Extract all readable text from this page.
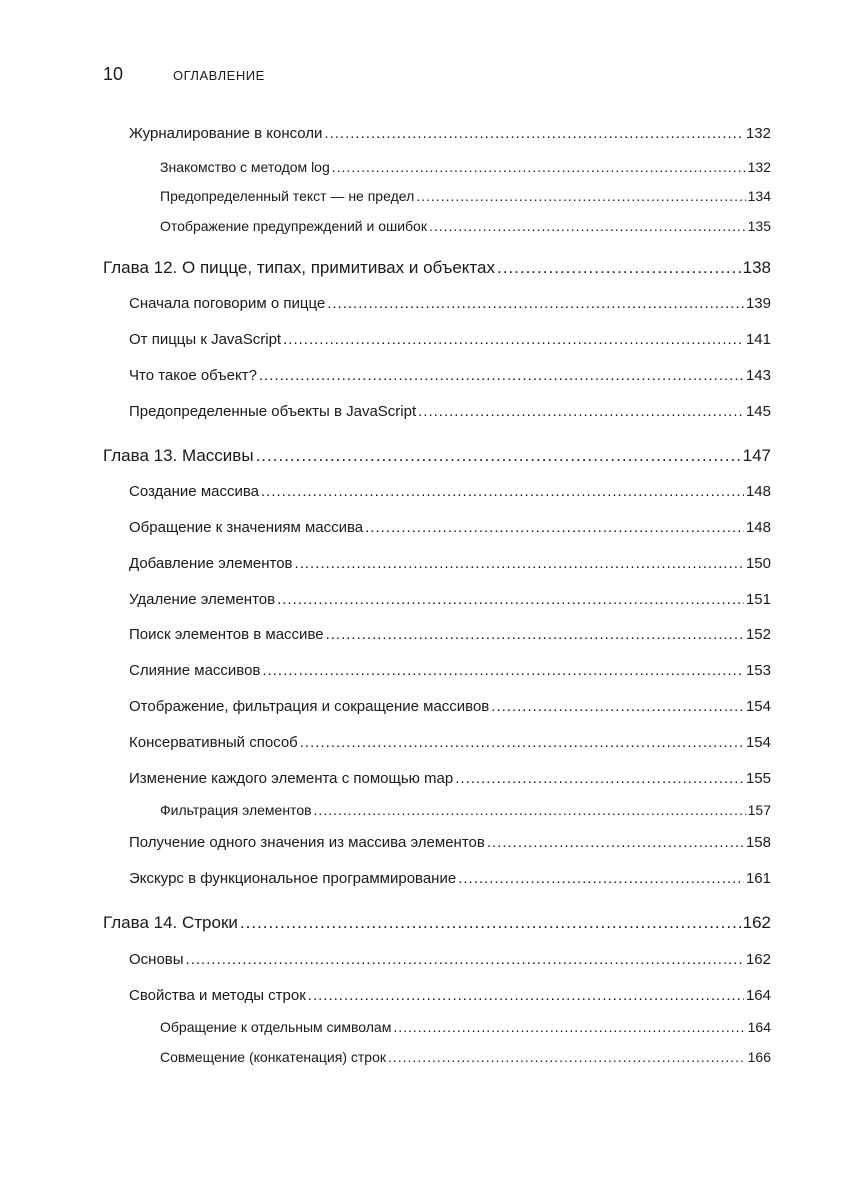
10	ОГЛАВЛЕНИЕ
Журналирование в консоли .....	132
Знакомство с методом log .....	132
Предопределенный текст — не предел .....	134
Отображение предупреждений и ошибок .....	135
Глава 12. О пицце, типах, примитивах и объектах .....	138
Сначала поговорим о пицце .....	139
От пиццы к JavaScript .....	141
Что такое объект? .....	143
Предопределенные объекты в JavaScript .....	145
Глава 13. Массивы .....	147
Создание массива .....	148
Обращение к значениям массива .....	148
Добавление элементов .....	150
Удаление элементов .....	151
Поиск элементов в массиве .....	152
Слияние массивов .....	153
Отображение, фильтрация и сокращение массивов .....	154
Консервативный способ .....	154
Изменение каждого элемента с помощью map .....	155
Фильтрация элементов .....	157
Получение одного значения из массива элементов .....	158
Экскурс в функциональное программирование .....	161
Глава 14. Строки .....	162
Основы .....	162
Свойства и методы строк .....	164
Обращение к отдельным символам .....	164
Совмещение (конкатенация) строк .....	166
